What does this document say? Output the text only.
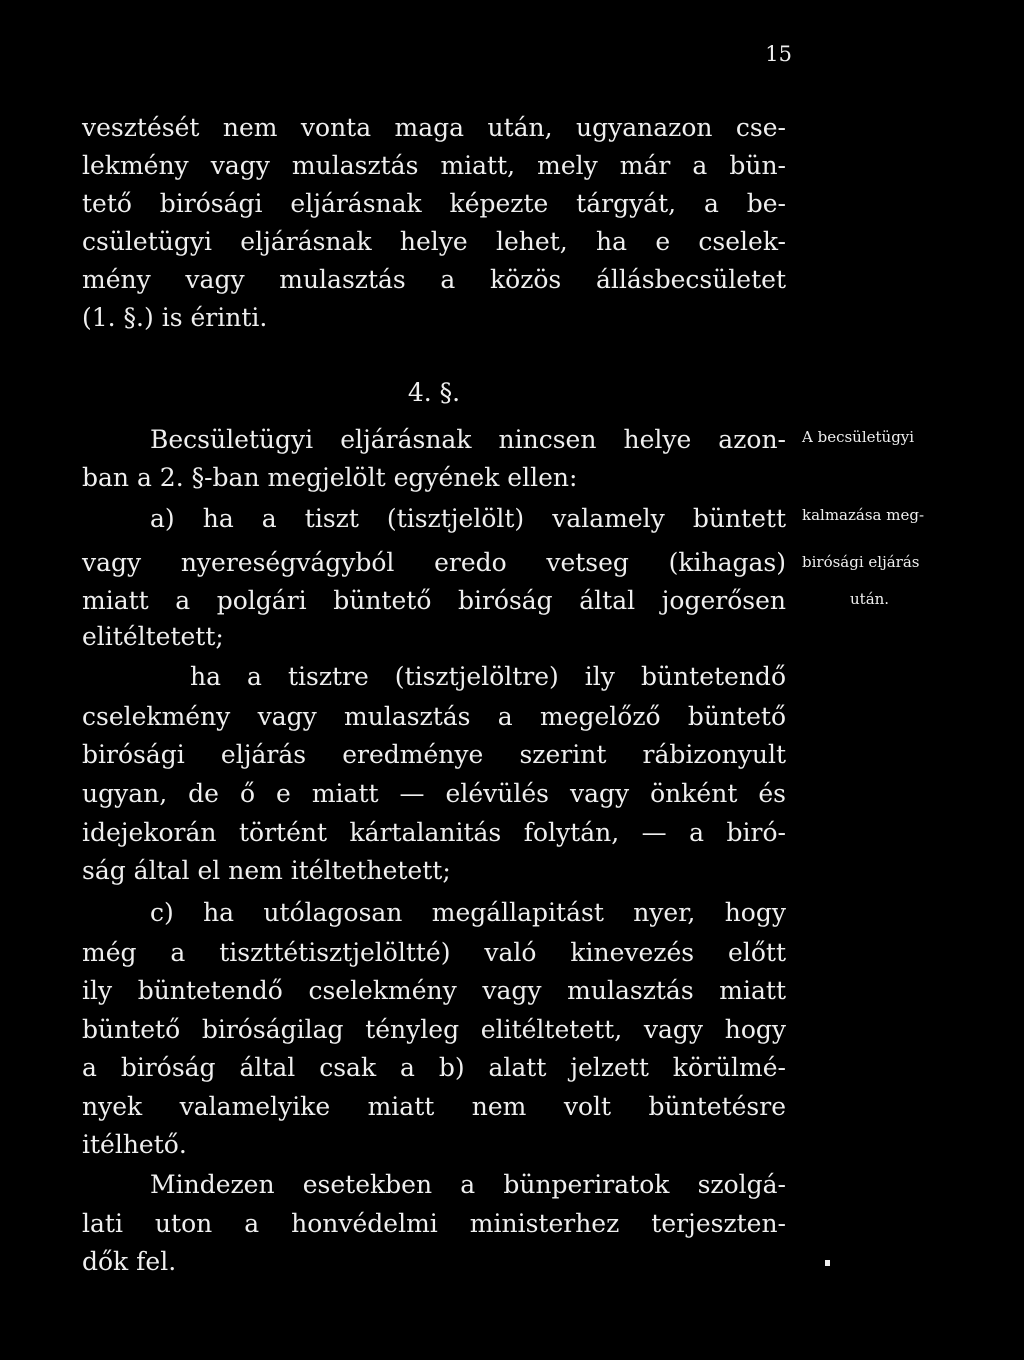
15
vesztését nem vonta maga után, ugyanazon cse-
lekmény vagy mulasztás miatt, mely már a bün-
tető birósági eljárásnak képezte tárgyát, a be-
csületügyi eljárásnak helye lehet, ha e cselek-
mény vagy mulasztás a közös állásbecsületet
(1. §.) is érinti.
4. §.
Becsületügyi eljárásnak nincsen helye azon-
ban a 2. §-ban megjelölt egyének ellen:
a) ha a tiszt (tisztjelölt) valamely büntett
vagy nyereségvágyból eredo vetseg (kihagas)
miatt a polgári büntető biróság által jogerősen
elitéltetett;
ha a tisztre (tisztjelöltre) ily büntetendő
cselekmény vagy mulasztás a megelőző büntető
birósági eljárás eredménye szerint rábizonyult
ugyan, de ő e miatt — elévülés vagy önként és
idejekorán történt kártalanitás folytán, — a biró-
ság által el nem itéltethetett;
c) ha utólagosan megállapitást nyer, hogy
még a tiszttétisztjelöltté) való kinevezés előtt
ily büntetendő cselekmény vagy mulasztás miatt
büntető biróságilag tényleg elitéltetett, vagy hogy
a biróság által csak a b) alatt jelzett körülmé-
nyek valamelyike miatt nem volt büntetésre
itélhető.
Mindezen esetekben a bünperiratok szolgá-
lati uton a honvédelmi ministerhez terjeszten-
dők fel.
A becsületügyi
kalmazása meg-
birósági eljárás
után.
